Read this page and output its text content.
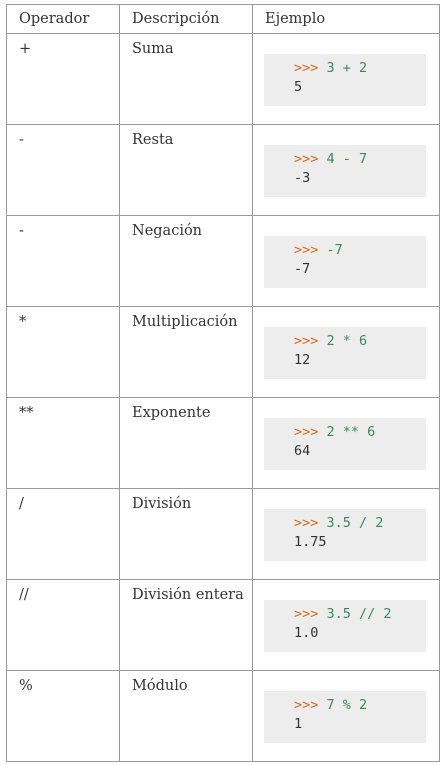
Operador	Descripción	Ejemplo

+	Suma	>>> 3 + 2
5

-	Resta	>>> 4 - 7
-3

-	Negación	>>> -7
-7

*	Multiplicación	>>> 2 * 6
12

**	Exponente	>>> 2 ** 6
64

/	División	>>> 3.5 / 2
1.75

//	División entera	>>> 3.5 // 2
1.0

%	Módulo	>>> 7 % 2
1
